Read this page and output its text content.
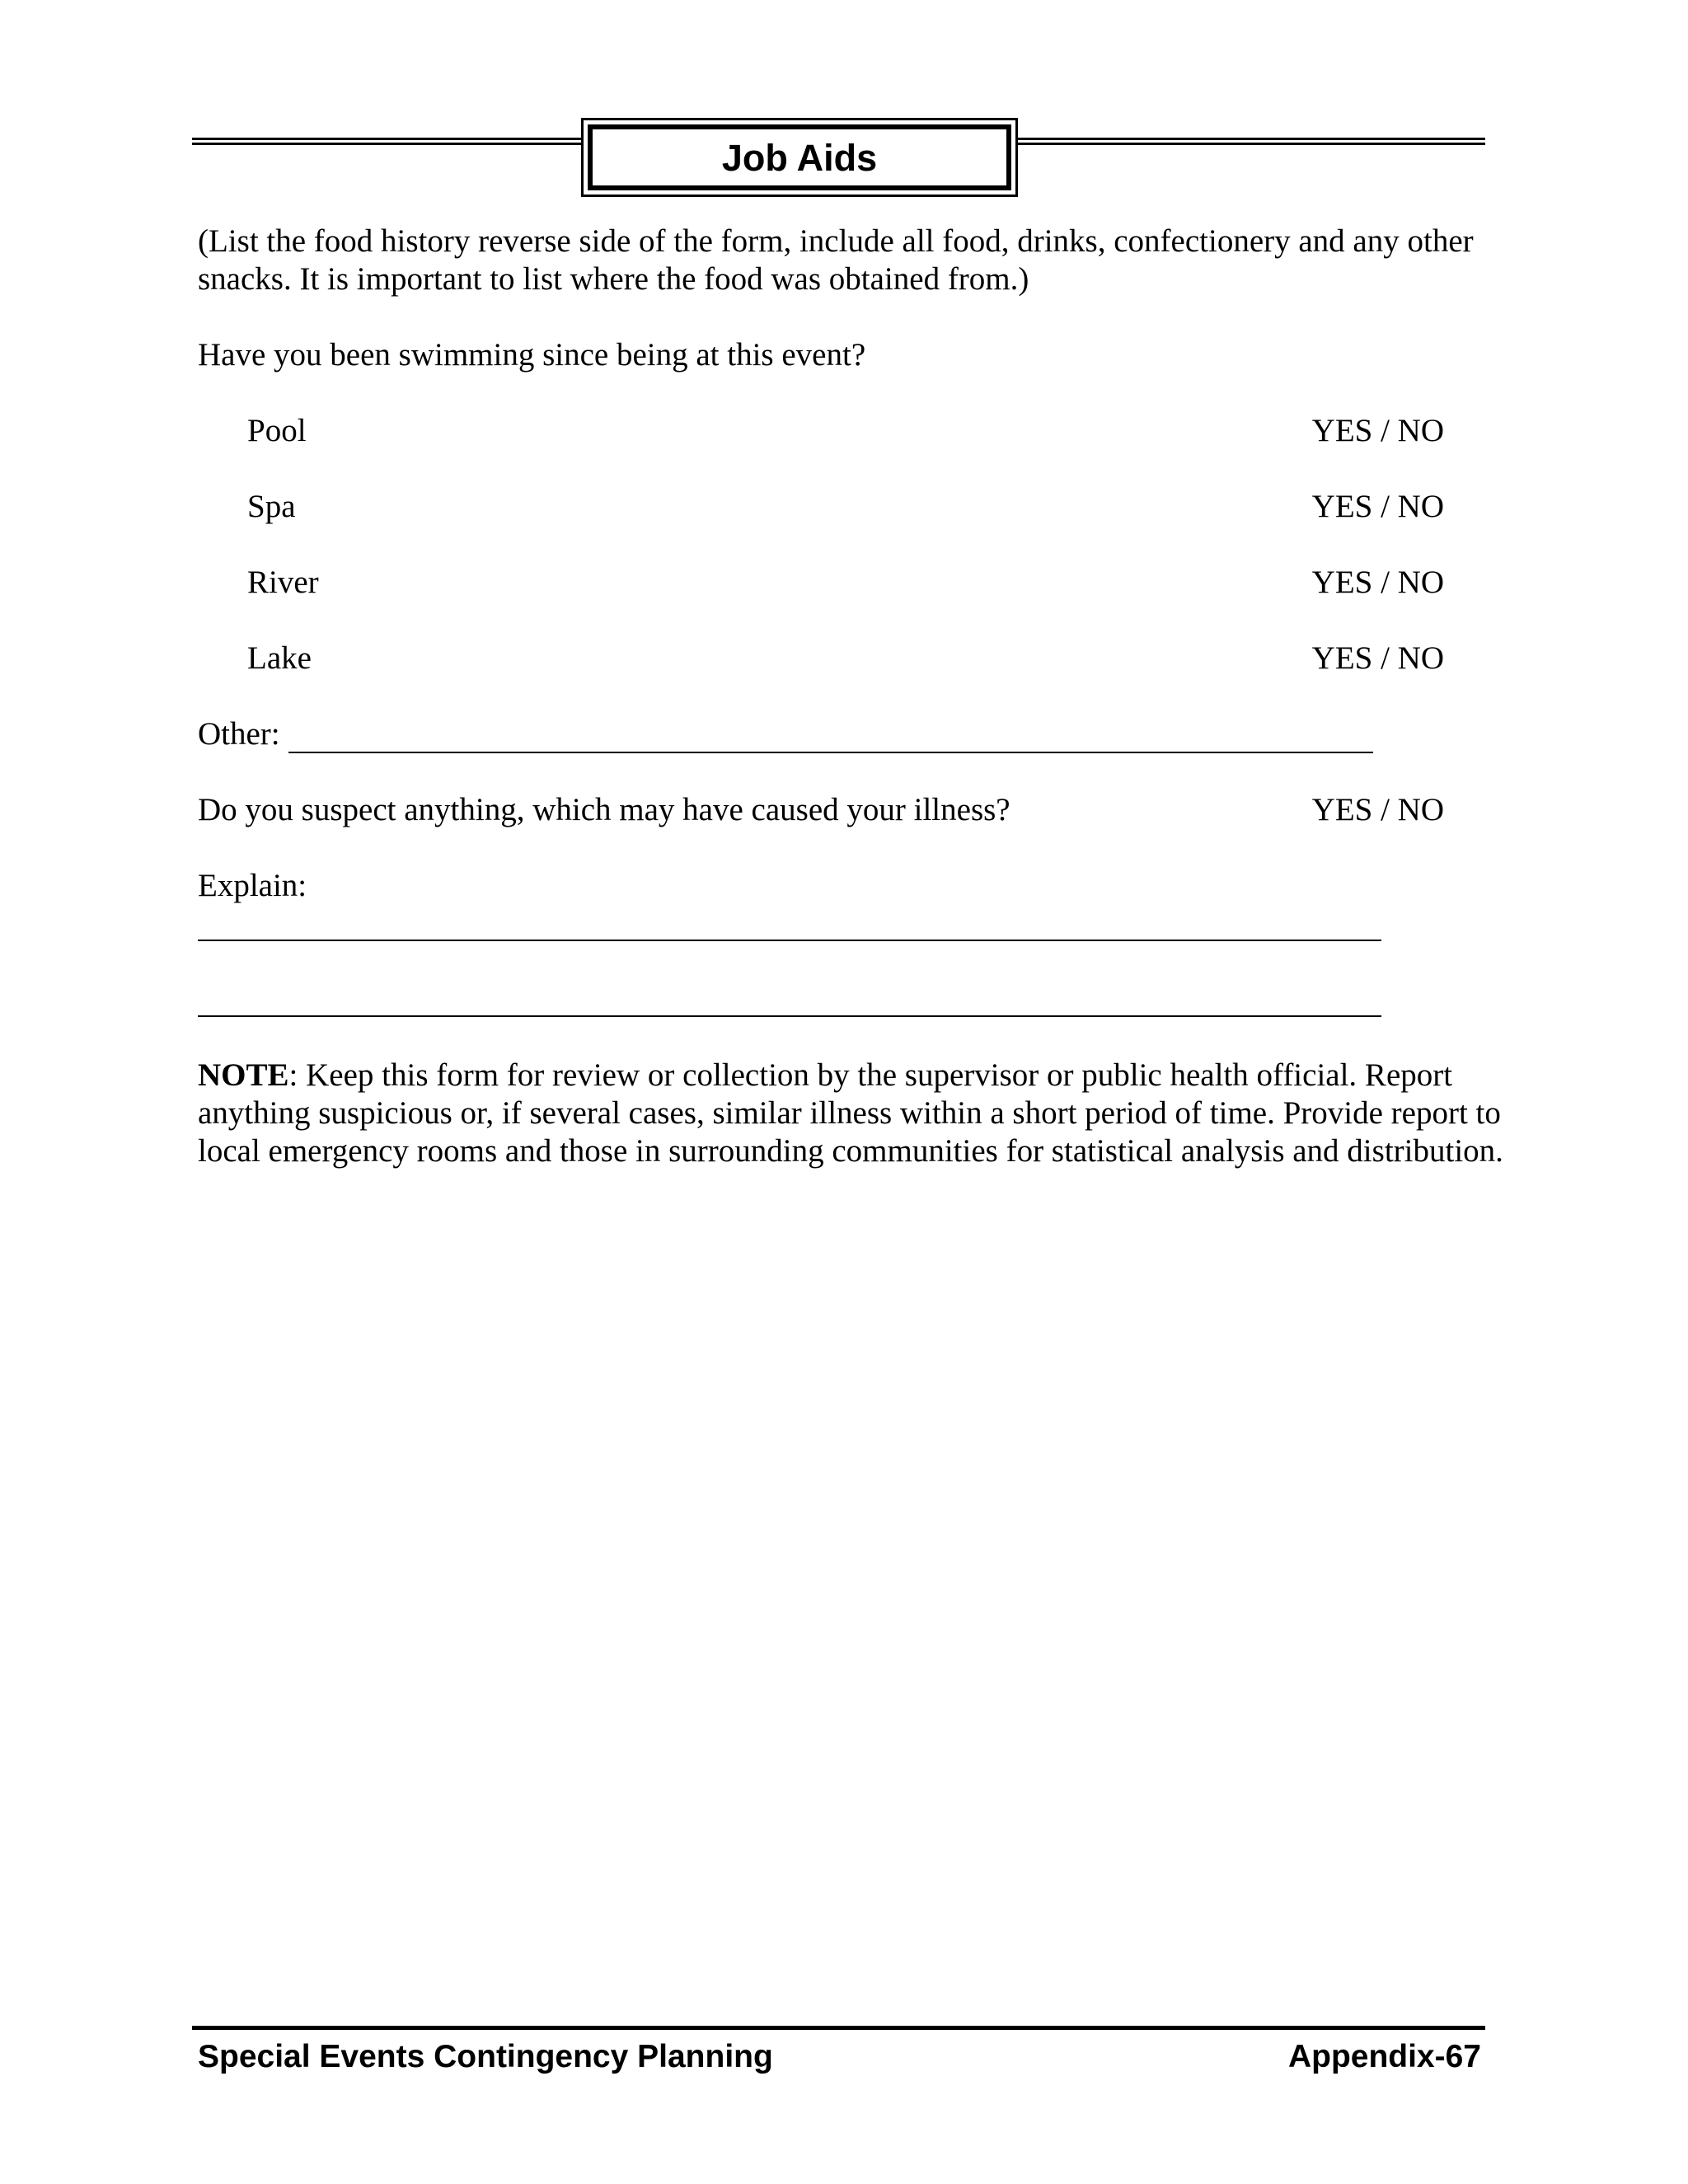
Job Aids
(List the food history reverse side of the form, include all food, drinks, confectionery and any other snacks. It is important to list where the food was obtained from.)
Have you been swimming since being at this event?
Pool	YES / NO
Spa	YES / NO
River	YES / NO
Lake	YES / NO
Other:
Do you suspect anything, which may have caused your illness?	YES / NO
Explain:
NOTE: Keep this form for review or collection by the supervisor or public health official. Report anything suspicious or, if several cases, similar illness within a short period of time. Provide report to local emergency rooms and those in surrounding communities for statistical analysis and distribution.
Special Events Contingency Planning	Appendix-67
